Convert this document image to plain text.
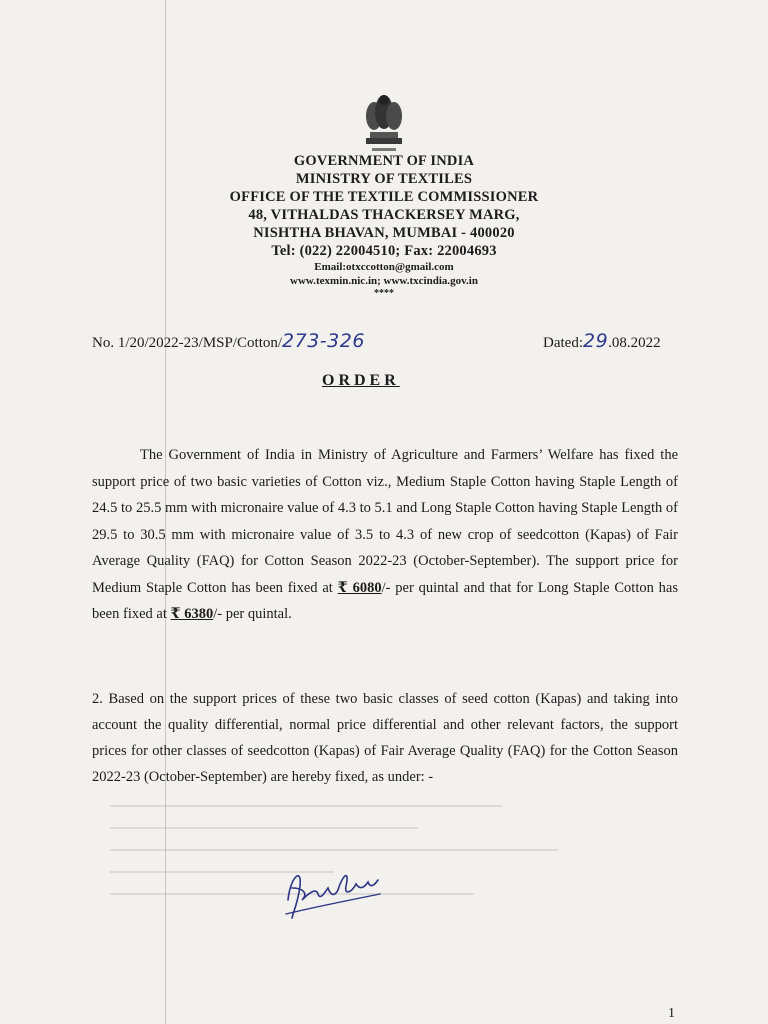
GOVERNMENT OF INDIA
MINISTRY OF TEXTILES
OFFICE OF THE TEXTILE COMMISSIONER
48, VITHALDAS THACKERSEY MARG,
NISHTHA BHAVAN, MUMBAI - 400020
Tel: (022) 22004510; Fax: 22004693
Email:otxccotton@gmail.com
www.texmin.nic.in; www.txcindia.gov.in
****
No. 1/20/2022-23/MSP/Cotton/273-326	Dated:29.08.2022
ORDER
The Government of India in Ministry of Agriculture and Farmers’ Welfare has fixed the support price of two basic varieties of Cotton viz., Medium Staple Cotton having Staple Length of 24.5 to 25.5 mm with micronaire value of 4.3 to 5.1 and Long Staple Cotton having Staple Length of 29.5 to 30.5 mm with micronaire value of 3.5 to 4.3 of new crop of seedcotton (Kapas) of Fair Average Quality (FAQ) for Cotton Season 2022-23 (October-September). The support price for Medium Staple Cotton has been fixed at ₹ 6080/- per quintal and that for Long Staple Cotton has been fixed at ₹ 6380/- per quintal.
2. Based on the support prices of these two basic classes of seed cotton (Kapas) and taking into account the quality differential, normal price differential and other relevant factors, the support prices for other classes of seedcotton (Kapas) of Fair Average Quality (FAQ) for the Cotton Season 2022-23 (October-September) are hereby fixed, as under: -
1
